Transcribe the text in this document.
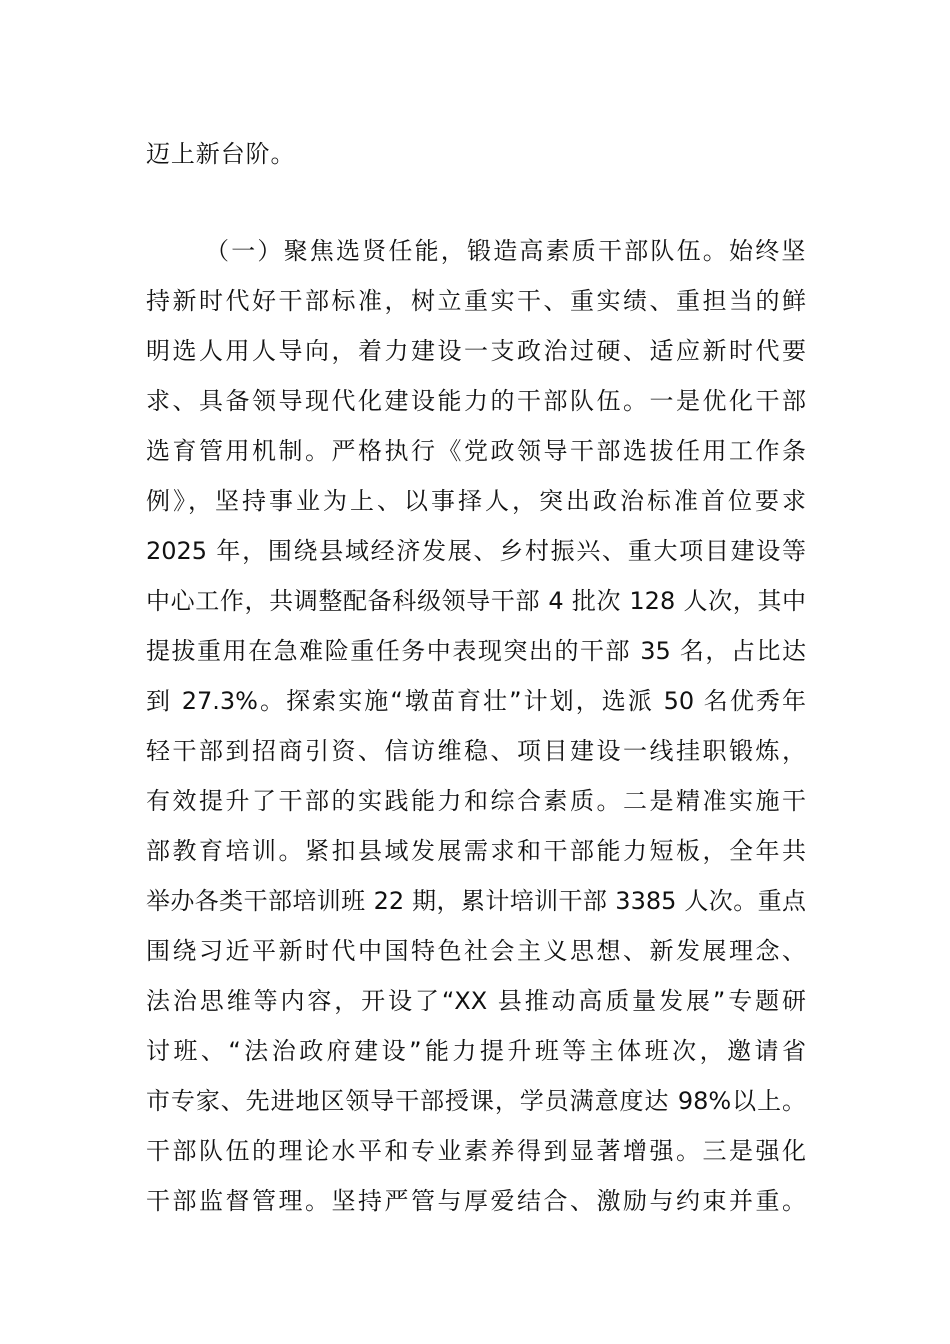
迈上新台阶。
（一）聚焦选贤任能，锻造高素质干部队伍。始终坚
持新时代好干部标准，树立重实干、重实绩、重担当的鲜
明选人用人导向，着力建设一支政治过硬、适应新时代要
求、具备领导现代化建设能力的干部队伍。一是优化干部
选育管用机制。严格执行《党政领导干部选拔任用工作条
例》，坚持事业为上、以事择人，突出政治标准首位要求
2025 年，围绕县域经济发展、乡村振兴、重大项目建设等
中心工作，共调整配备科级领导干部 4 批次 128 人次，其中
提拔重用在急难险重任务中表现突出的干部 35 名，占比达
到 27.3%。探索实施“墩苗育壮”计划，选派 50 名优秀年
轻干部到招商引资、信访维稳、项目建设一线挂职锻炼，
有效提升了干部的实践能力和综合素质。二是精准实施干
部教育培训。紧扣县域发展需求和干部能力短板，全年共
举办各类干部培训班 22 期，累计培训干部 3385 人次。重点
围绕习近平新时代中国特色社会主义思想、新发展理念、
法治思维等内容，开设了“XX 县推动高质量发展”专题研
讨班、“法治政府建设”能力提升班等主体班次，邀请省
市专家、先进地区领导干部授课，学员满意度达 98%以上。
干部队伍的理论水平和专业素养得到显著增强。三是强化
干部监督管理。坚持严管与厚爱结合、激励与约束并重。
